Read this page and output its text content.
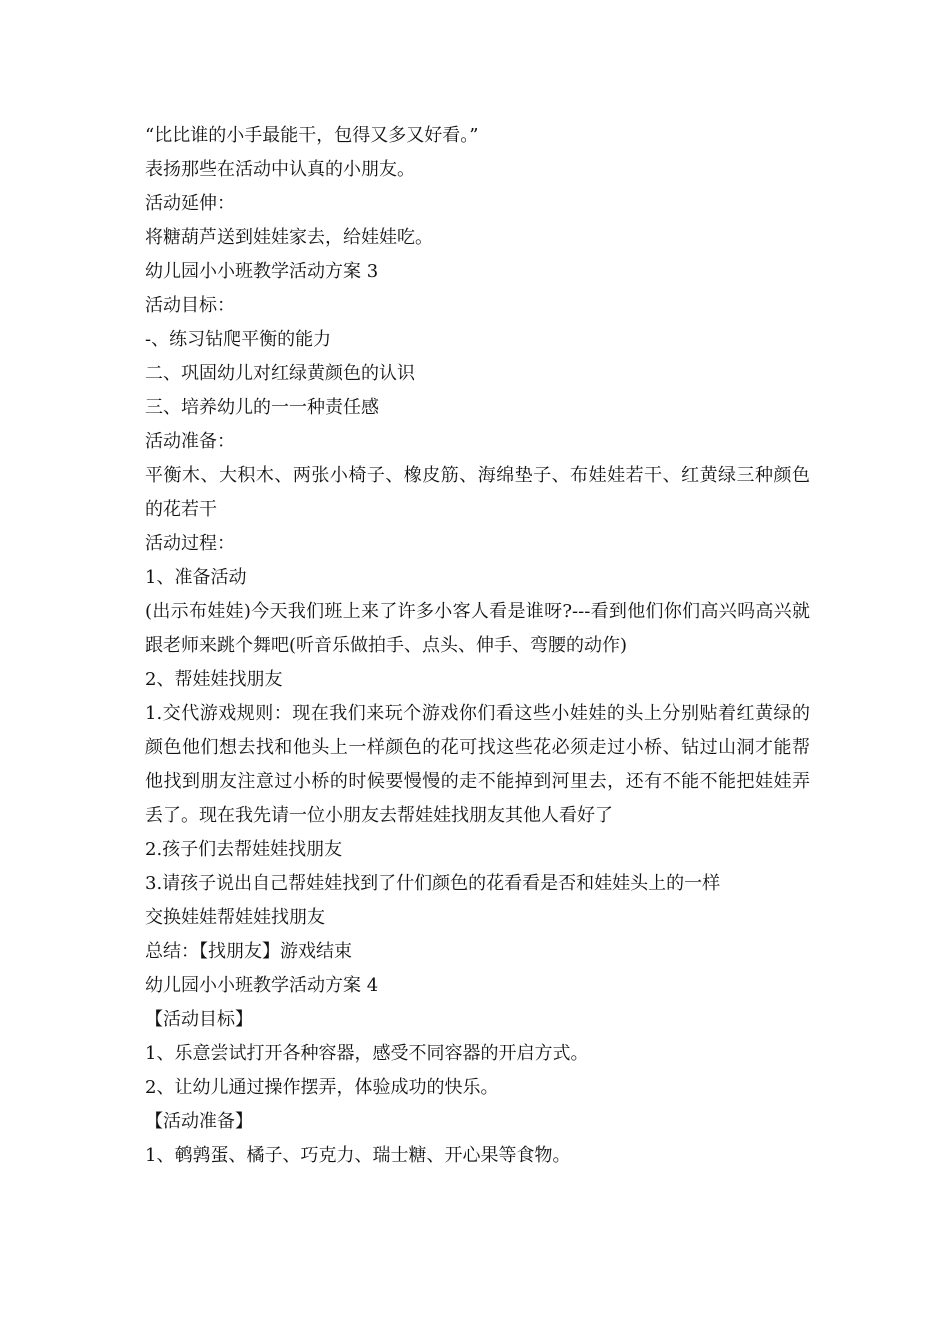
“比比谁的小手最能干，包得又多又好看。”

表扬那些在活动中认真的小朋友。

活动延伸：

将糖葫芦送到娃娃家去，给娃娃吃。

幼儿园小小班教学活动方案 3

活动目标：

-、练习钻爬平衡的能力

二、巩固幼儿对红绿黄颜色的认识

三、培养幼儿的一一种责任感

活动准备：

平衡木、大积木、两张小椅子、橡皮筋、海绵垫子、布娃娃若干、红黄绿三种颜色的花若干

活动过程：

1、准备活动

(出示布娃娃)今天我们班上来了许多小客人看是谁呀?---看到他们你们高兴吗高兴就跟老师来跳个舞吧(听音乐做拍手、点头、伸手、弯腰的动作)

2、帮娃娃找朋友

1.交代游戏规则：现在我们来玩个游戏你们看这些小娃娃的头上分别贴着红黄绿的颜色他们想去找和他头上一样颜色的花可找这些花必须走过小桥、钻过山洞才能帮他找到朋友注意过小桥的时候要慢慢的走不能掉到河里去，还有不能不能把娃娃弄丢了。现在我先请一位小朋友去帮娃娃找朋友其他人看好了

2.孩子们去帮娃娃找朋友

3.请孩子说出自己帮娃娃找到了什们颜色的花看看是否和娃娃头上的一样

交换娃娃帮娃娃找朋友

总结：【找朋友】游戏结束

幼儿园小小班教学活动方案 4

【活动目标】

1、乐意尝试打开各种容器，感受不同容器的开启方式。

2、让幼儿通过操作摆弄，体验成功的快乐。

【活动准备】

1、鹌鹑蛋、橘子、巧克力、瑞士糖、开心果等食物。
